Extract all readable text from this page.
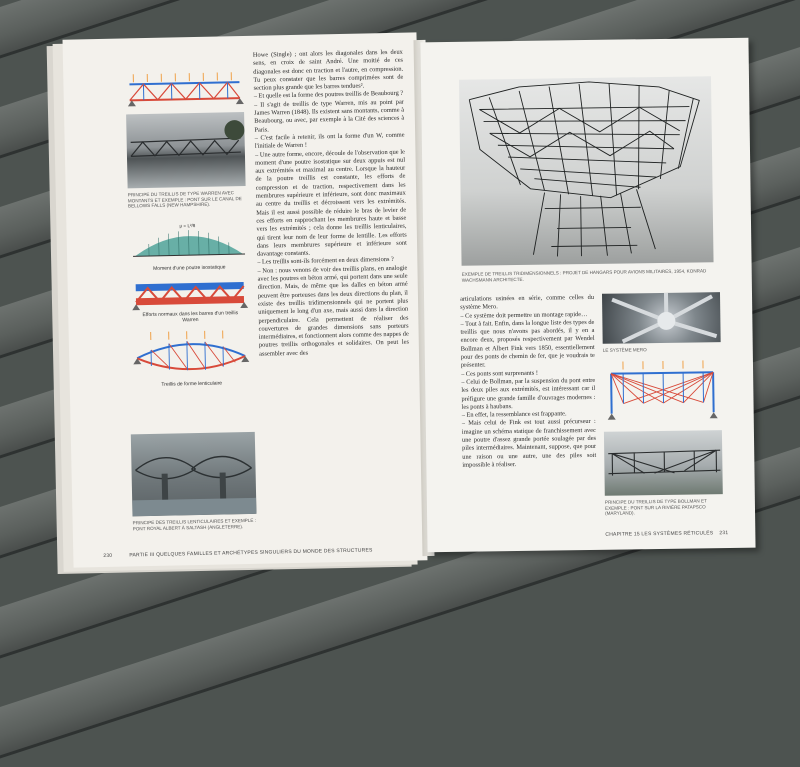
PRINCIPE DU TREILLIS DE TYPE WARREN AVEC MONTANTS ET EXEMPLE : PONT SUR LE CANAL DE BELLOWS FALLS (NEW HAMPSHIRE).
μ = L²/8
Moment d'une poutre isostatique
Efforts normaux dans les barres d'un treillis Warren
Treillis de forme lenticulaire
PRINCIPE DES TREILLIS LENTICULAIRES ET EXEMPLE : PONT ROYAL ALBERT À SALTASH (ANGLETERRE).
Howe (Single) ; ont alors les diagonales dans les deux sens, en croix de saint André. Une moitié de ces diagonales est donc en traction et l'autre, en compression. Tu peux constater que les barres comprimées sont de section plus grande que les barres tendues².
– Et quelle est la forme des poutres treillis de Beaubourg ?
– Il s'agit de treillis de type Warren, mis au point par James Warren (1848). Ils existent sans montants, comme à Beaubourg, ou avec, par exemple à la Cité des sciences à Paris.
– C'est facile à retenir, ils ont la forme d'un W, comme l'initiale de Warren !
– Une autre forme, encore, découle de l'observation que le moment d'une poutre isostatique sur deux appuis est nul aux extrémités et maximal au centre. Lorsque la hauteur de la poutre treillis est constante, les efforts de compression et de traction, respectivement dans les membrures supérieure et inférieure, sont donc maximaux au centre du treillis et décroissent vers les extrémités. Mais il est aussi possible de réduire le bras de levier de ces efforts en rapprochant les membrures haute et basse vers les extrémités ; cela donne les treillis lenticulaires, qui tirent leur nom de leur forme de lentille. Les efforts dans leurs membrures supérieure et inférieure sont davantage constants.
– Les treillis sont-ils forcément en deux dimensions ?
– Non : nous venons de voir des treillis plans, en analogie avec les poutres en béton armé, qui portent dans une seule direction. Mais, de même que les dalles en béton armé peuvent être porteuses dans les deux directions du plan, il existe des treillis tridimensionnels qui ne portent plus uniquement le long d'un axe, mais aussi dans la direction perpendiculaire. Cela permettent de réaliser des couvertures de grandes dimensions sans porteurs intermédiaires, et fonctionnent alors comme des nappes de poutres treillis orthogonales et solidaires. On peut les assembler avec des
230	PARTIE III QUELQUES FAMILLES ET ARCHÉTYPES SINGULIERS DU MONDE DES STRUCTURES
EXEMPLE DE TREILLIS TRIDIMENSIONNELS : PROJET DE HANGARS POUR AVIONS MILITAIRES, 1954, KONRAD WACHSMANN ARCHITECTE.
articulations usinées en série, comme celles du système Mero.
– Ce système doit permettre un montage rapide…
– Tout à fait. Enfin, dans la longue liste des types de treillis que nous n'avons pas abordés, il y en a encore deux, proposés respectivement par Wendel Bollman et Albert Fink vers 1850, essentiellement pour des ponts de chemin de fer, que je voudrais te présenter.
– Ces ponts sont surprenants !
– Celui de Bollman, par la suspension du pont entre les deux piles aux extrémités, est intéressant car il préfigure une grande famille d'ouvrages modernes : les ponts à haubans.
– En effet, la ressemblance est frappante.
– Mais celui de Fink est tout aussi précurseur : imagine un schéma statique de franchissement avec une poutre d'assez grande portée soulagée par des piles intermédiaires. Maintenant, suppose, que pour une raison ou une autre, une des piles soit impossible à réaliser.
LE SYSTÈME MERO
PRINCIPE DU TREILLIS DE TYPE BOLLMAN ET EXEMPLE : PONT SUR LA RIVIÈRE PATAPSCO (MARYLAND).
CHAPITRE 15 LES SYSTÈMES RÉTICULÉS 231
